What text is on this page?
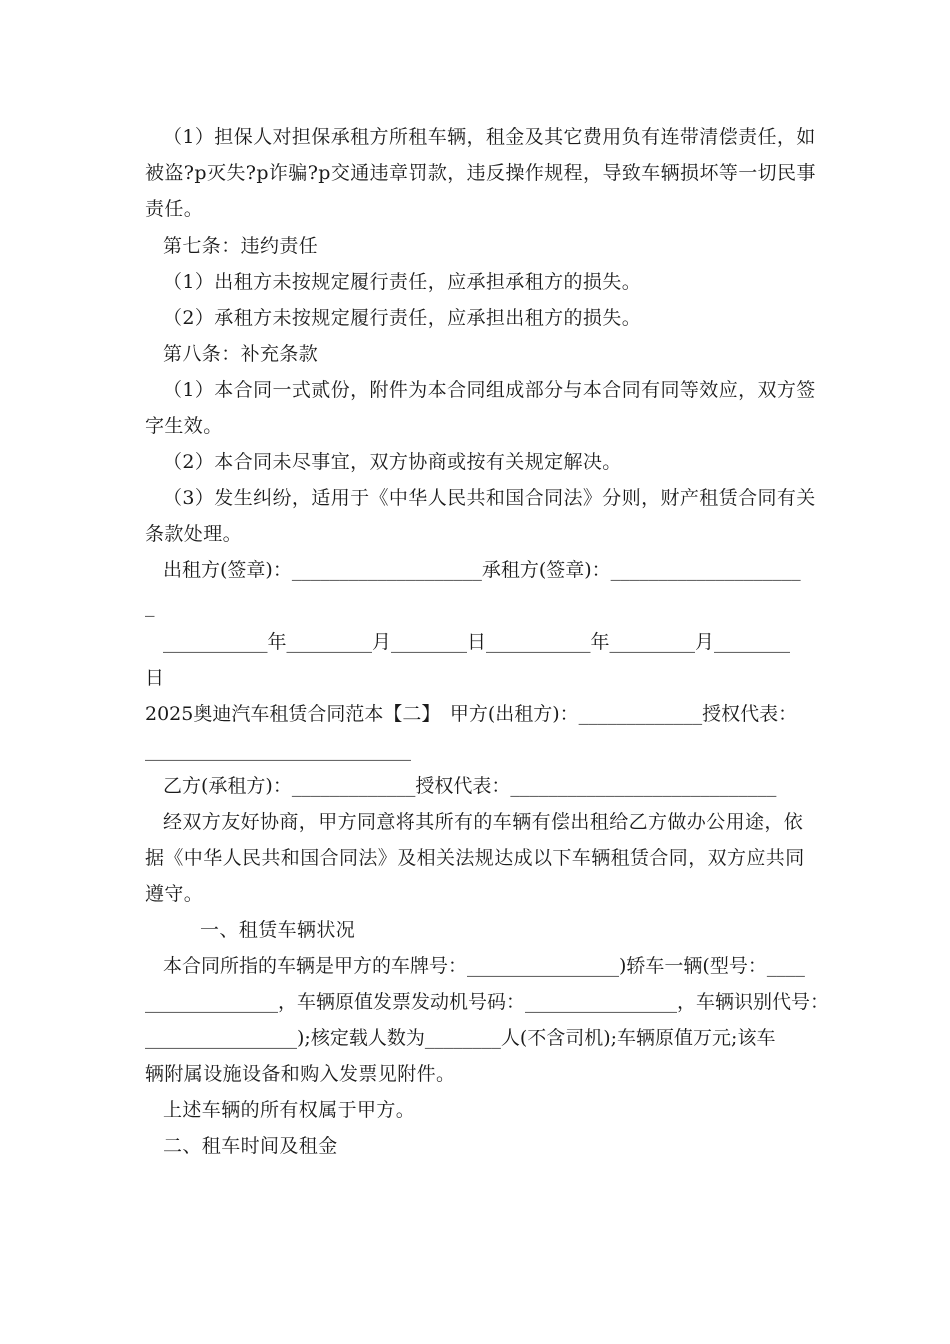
（1）担保人对担保承租方所租车辆，租金及其它费用负有连带清偿责任，如
被盗?p灭失?p诈骗?p交通违章罚款，违反操作规程，导致车辆损坏等一切民事
责任。
第七条：违约责任
（1）出租方未按规定履行责任，应承担承租方的损失。
（2）承租方未按规定履行责任，应承担出租方的损失。
第八条：补充条款
（1）本合同一式贰份，附件为本合同组成部分与本合同有同等效应，双方签
字生效。
（2）本合同未尽事宜，双方协商或按有关规定解决。
（3）发生纠纷，适用于《中华人民共和国合同法》分则，财产租赁合同有关
条款处理。
出租方(签章)：____________________承租方(签章)：____________________
_
___________年_________月________日___________年_________月________
日
2025奥迪汽车租赁合同范本【二】　甲方(出租方)：_____________授权代表：
____________________________
乙方(承租方)：_____________授权代表：____________________________
经双方友好协商，甲方同意将其所有的车辆有偿出租给乙方做办公用途，依
据《中华人民共和国合同法》及相关法规达成以下车辆租赁合同，双方应共同
遵守。
一、租赁车辆状况
本合同所指的车辆是甲方的车牌号：________________)轿车一辆(型号：____
______________，车辆原值发票发动机号码：________________，车辆识别代号：
________________);核定载人数为________人(不含司机);车辆原值万元;该车
辆附属设施设备和购入发票见附件。
上述车辆的所有权属于甲方。
二、租车时间及租金
